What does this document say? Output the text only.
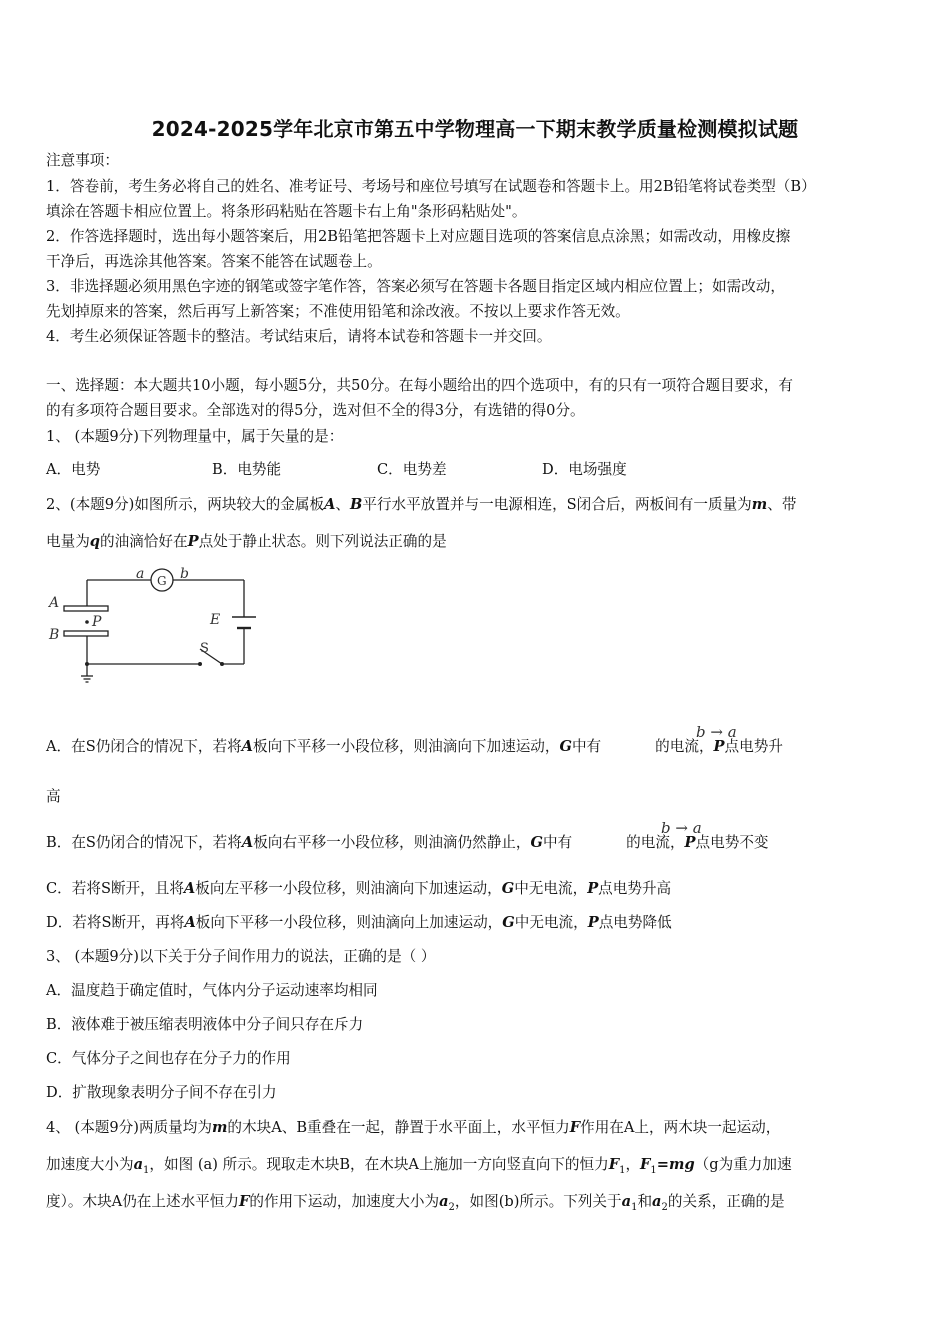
2024-2025学年北京市第五中学物理高一下期末教学质量检测模拟试题
注意事项：
1．答卷前，考生务必将自己的姓名、准考证号、考场号和座位号填写在试题卷和答题卡上。用2B铅笔将试卷类型（B）
填涂在答题卡相应位置上。将条形码粘贴在答题卡右上角"条形码粘贴处"。
2．作答选择题时，选出每小题答案后，用2B铅笔把答题卡上对应题目选项的答案信息点涂黑；如需改动，用橡皮擦
干净后，再选涂其他答案。答案不能答在试题卷上。
3．非选择题必须用黑色字迹的钢笔或签字笔作答，答案必须写在答题卡各题目指定区域内相应位置上；如需改动，
先划掉原来的答案，然后再写上新答案；不准使用铅笔和涂改液。不按以上要求作答无效。
4．考生必须保证答题卡的整洁。考试结束后，请将本试卷和答题卡一并交回。
一、选择题：本大题共10小题，每小题5分，共50分。在每小题给出的四个选项中，有的只有一项符合题目要求，有
的有多项符合题目要求。全部选对的得5分，选对但不全的得3分，有选错的得0分。
1、 (本题9分)下列物理量中，属于矢量的是：
A．电势	B．电势能	C．电势差	D．电场强度
2、(本题9分)如图所示，两块较大的金属板A、B平行水平放置并与一电源相连，S闭合后，两板间有一质量为m、带
电量为q的油滴恰好在P点处于静止状态。则下列说法正确的是
a G b
A
B
P	E
S
A．在S仍闭合的情况下，若将A板向下平移一小段位移，则油滴向下加速运动，G中有	的电流，P点电势升
b → a
高
B．在S仍闭合的情况下，若将A板向右平移一小段位移，则油滴仍然静止，G中有	的电流，P点电势不变
b → a
C．若将S断开，且将A板向左平移一小段位移，则油滴向下加速运动，G中无电流，P点电势升高
D．若将S断开，再将A板向下平移一小段位移，则油滴向上加速运动，G中无电流，P点电势降低
3、 (本题9分)以下关于分子间作用力的说法，正确的是（ ）
A．温度趋于确定值时，气体内分子运动速率均相同
B．液体难于被压缩表明液体中分子间只存在斥力
C．气体分子之间也存在分子力的作用
D．扩散现象表明分子间不存在引力
4、 (本题9分)两质量均为m的木块A、B重叠在一起，静置于水平面上，水平恒力F作用在A上，两木块一起运动，
加速度大小为$a_1$，如图 (a) 所示。现取走木块B，在木块A上施加一方向竖直向下的恒力$F_1$，$F_1=mg(g$为重力加速
度）。木块A仍在上述水平恒力F的作用下运动，加速度大小为$a_2$，如图(b)所示。下列关于$a_1$和$a_2$的关系，正确的是
